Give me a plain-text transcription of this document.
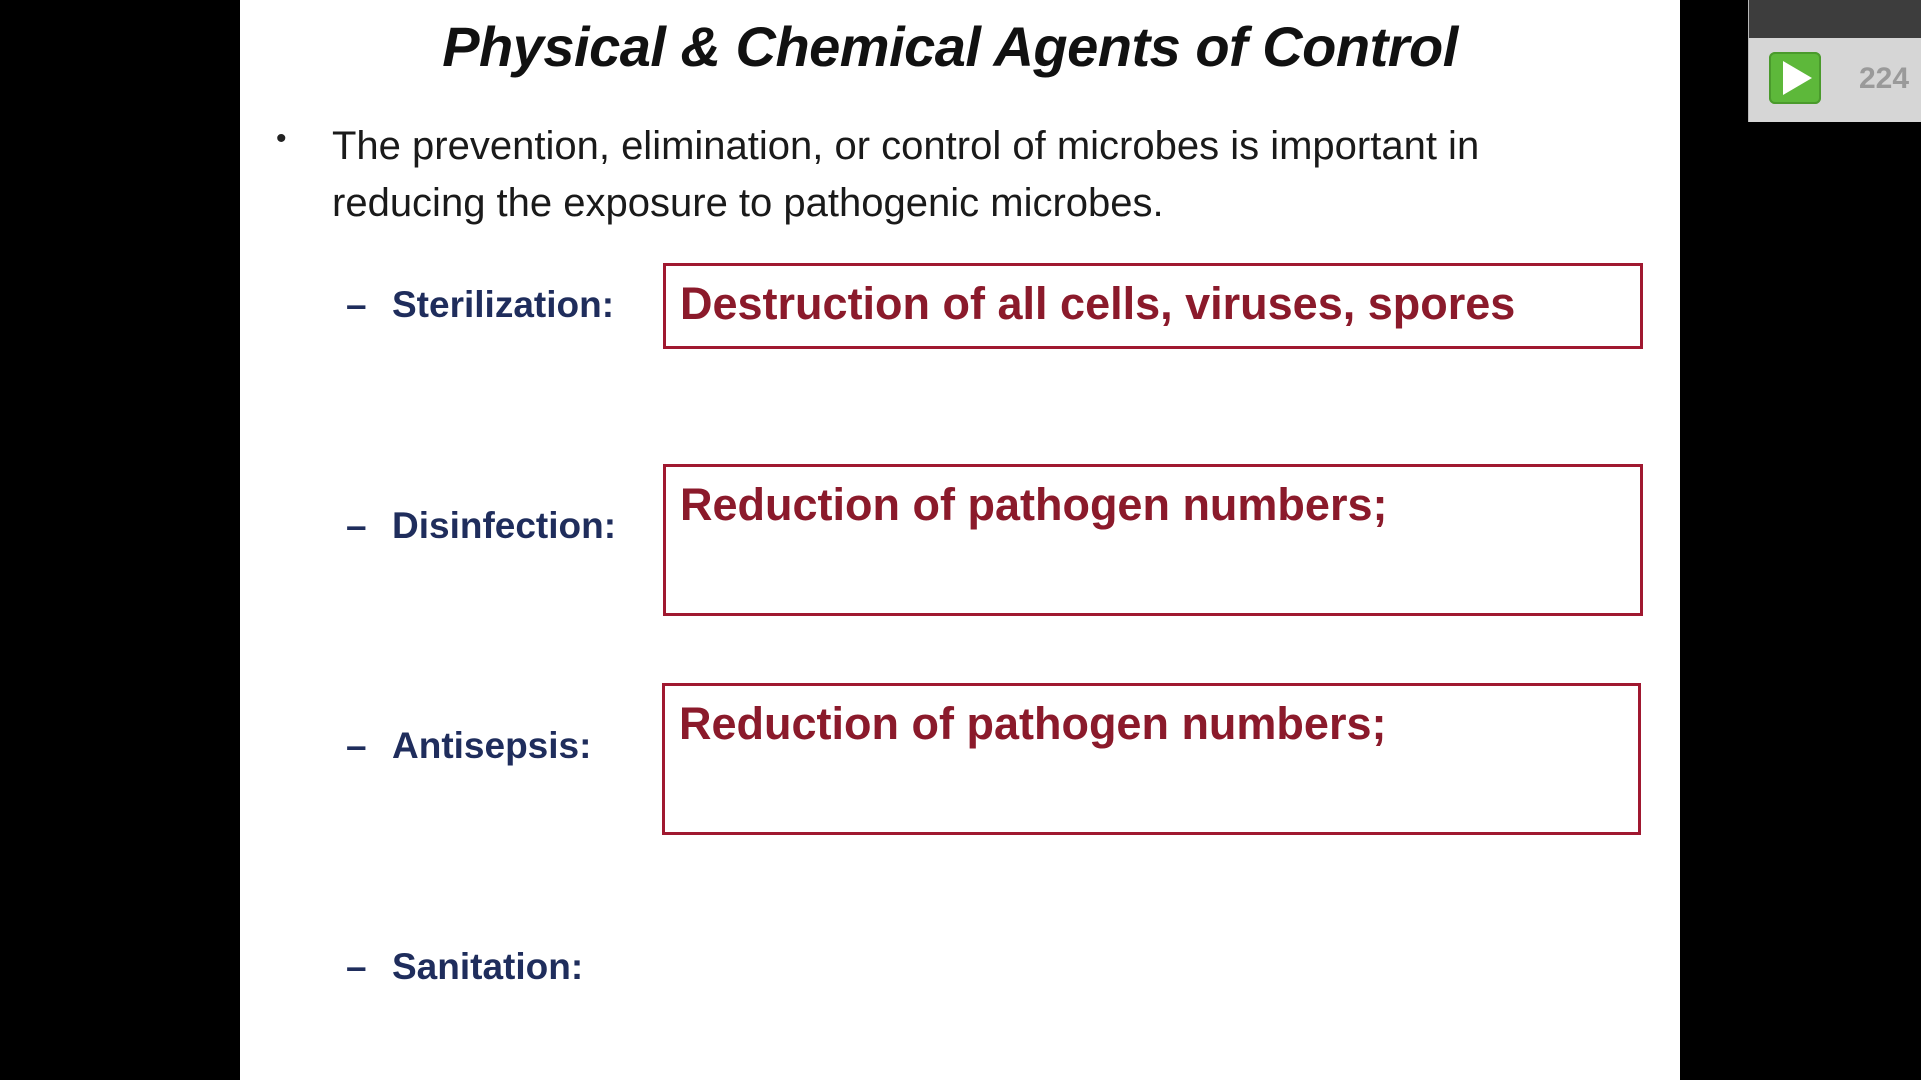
Physical & Chemical Agents of Control
•	The prevention, elimination, or control of microbes is important in reducing the exposure to pathogenic microbes.
– Sterilization:	Destruction of all cells, viruses, spores
– Disinfection:	Reduction of pathogen numbers;
– Antisepsis:	Reduction of pathogen numbers;
– Sanitation:
224
